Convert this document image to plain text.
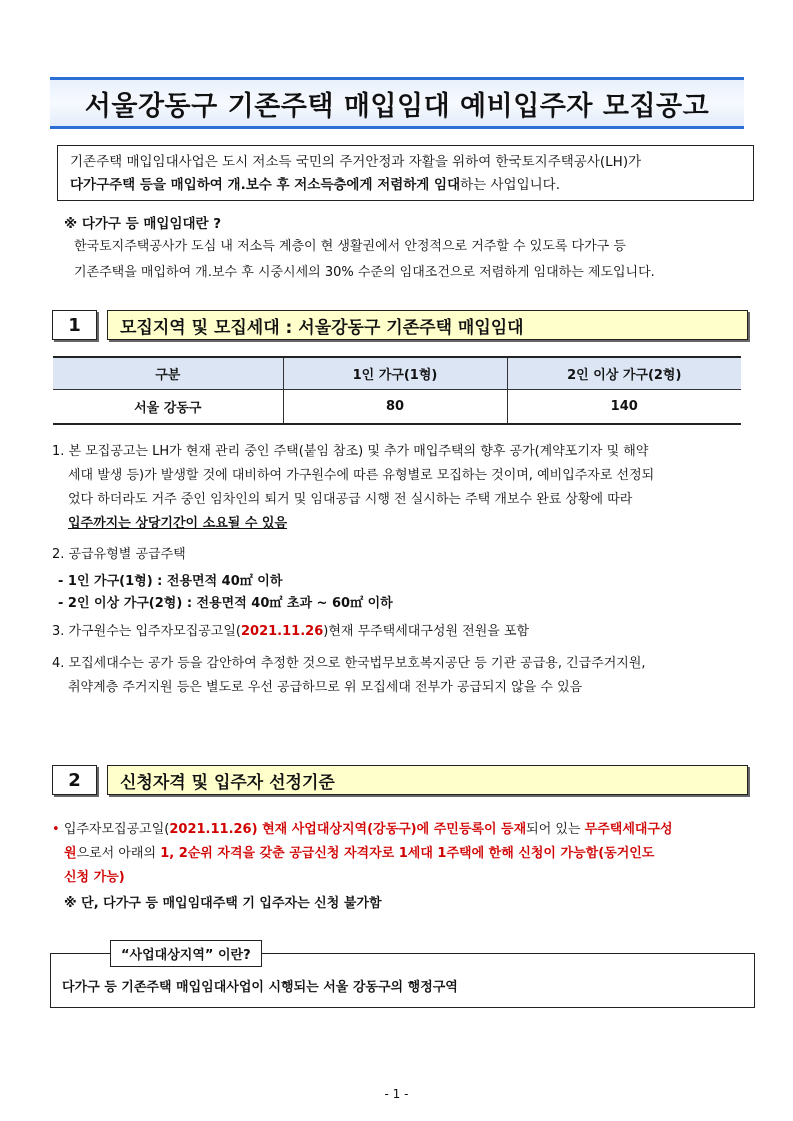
서울강동구 기존주택 매입임대 예비입주자 모집공고
기존주택 매입임대사업은 도시 저소득 국민의 주거안정과 자활을 위하여 한국토지주택공사(LH)가
다가구주택 등을 매입하여 개.보수 후 저소득층에게 저렴하게 임대하는 사업입니다.
※ 다가구 등 매입임대란 ?
한국토지주택공사가 도심 내 저소득 계층이 현 생활권에서 안정적으로 거주할 수 있도록 다가구 등
기존주택을 매입하여 개.보수 후 시중시세의 30% 수준의 임대조건으로 저렴하게 임대하는 제도입니다.
1	모집지역 및 모집세대 : 서울강동구 기존주택 매입임대
구분	1인 가구(1형)	2인 이상 가구(2형)
서울 강동구	80	140
1. 본 모집공고는 LH가 현재 관리 중인 주택(붙임 참조) 및 추가 매입주택의 향후 공가(계약포기자 및 해약
세대 발생 등)가 발생할 것에 대비하여 가구원수에 따른 유형별로 모집하는 것이며, 예비입주자로 선정되
었다 하더라도 거주 중인 임차인의 퇴거 및 임대공급 시행 전 실시하는 주택 개보수 완료 상황에 따라
입주까지는 상당기간이 소요될 수 있음
2. 공급유형별 공급주택
- 1인 가구(1형) : 전용면적 40㎡ 이하
- 2인 이상 가구(2형) : 전용면적 40㎡ 초과 ~ 60㎡ 이하
3. 가구원수는 입주자모집공고일(2021.11.26)현재 무주택세대구성원 전원을 포함
4. 모집세대수는 공가 등을 감안하여 추정한 것으로 한국법무보호복지공단 등 기관 공급용, 긴급주거지원,
취약계층 주거지원 등은 별도로 우선 공급하므로 위 모집세대 전부가 공급되지 않을 수 있음
2	신청자격 및 입주자 선정기준
• 입주자모집공고일(2021.11.26) 현재 사업대상지역(강동구)에 주민등록이 등재되어 있는 무주택세대구성
원으로서 아래의 1, 2순위 자격을 갖춘 공급신청 자격자로 1세대 1주택에 한해 신청이 가능함(동거인도
신청 가능)
※ 단, 다가구 등 매입임대주택 기 입주자는 신청 불가함
“사업대상지역” 이란?
다가구 등 기존주택 매입임대사업이 시행되는 서울 강동구의 행정구역
- 1 -
